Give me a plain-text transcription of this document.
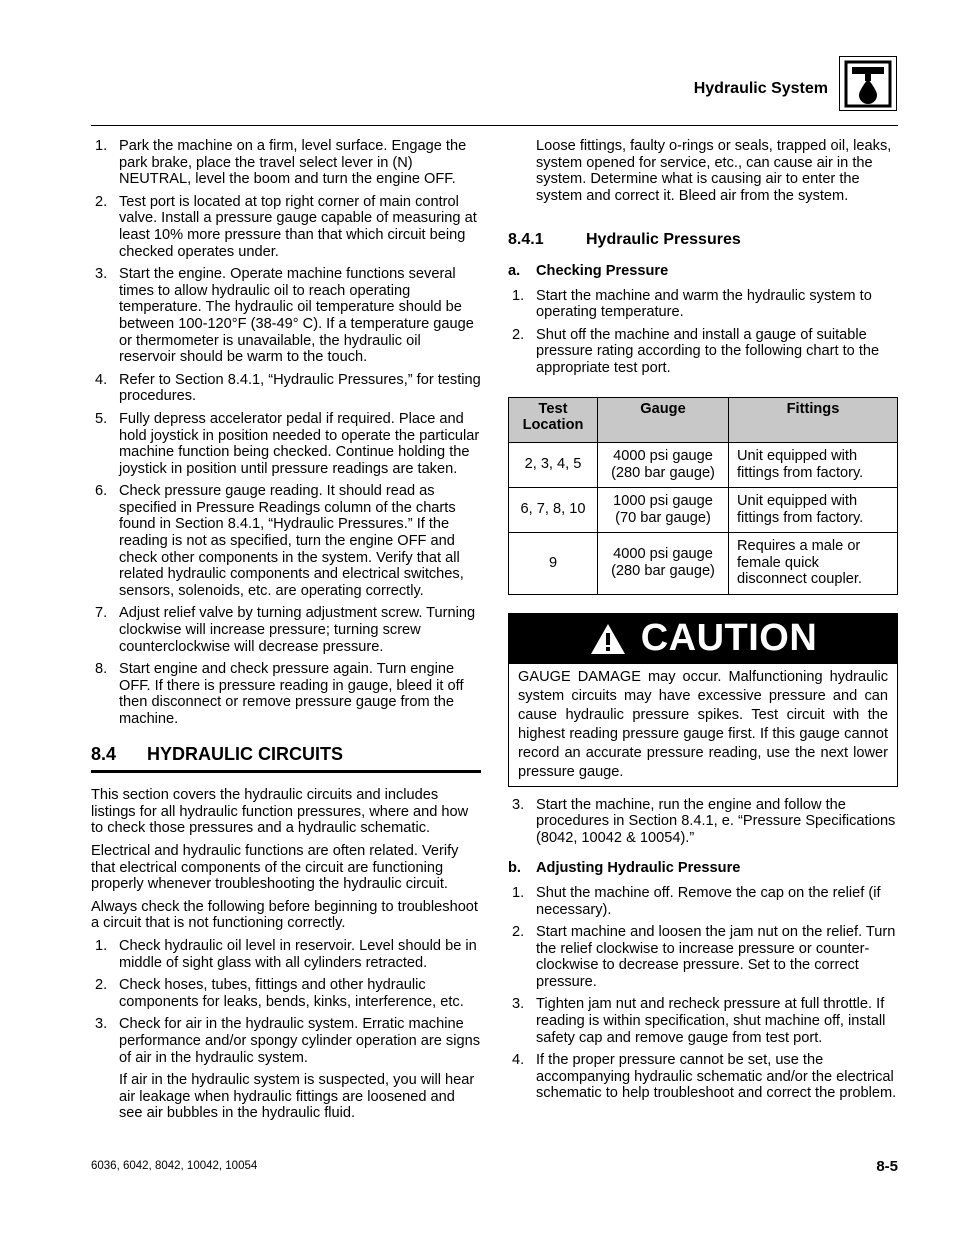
Hydraulic System
1. Park the machine on a firm, level surface. Engage the park brake, place the travel select lever in (N) NEUTRAL, level the boom and turn the engine OFF.
2. Test port is located at top right corner of main control valve. Install a pressure gauge capable of measuring at least 10% more pressure than that which circuit being checked operates under.
3. Start the engine. Operate machine functions several times to allow hydraulic oil to reach operating temperature. The hydraulic oil temperature should be between 100-120°F (38-49° C). If a temperature gauge or thermometer is unavailable, the hydraulic oil reservoir should be warm to the touch.
4. Refer to Section 8.4.1, “Hydraulic Pressures,” for testing procedures.
5. Fully depress accelerator pedal if required. Place and hold joystick in position needed to operate the particular machine function being checked. Continue holding the joystick in position until pressure readings are taken.
6. Check pressure gauge reading. It should read as specified in Pressure Readings column of the charts found in Section 8.4.1, “Hydraulic Pressures.” If the reading is not as specified, turn the engine OFF and check other components in the system. Verify that all related hydraulic components and electrical switches, sensors, solenoids, etc. are operating correctly.
7. Adjust relief valve by turning adjustment screw. Turning clockwise will increase pressure; turning screw counterclockwise will decrease pressure.
8. Start engine and check pressure again. Turn engine OFF. If there is pressure reading in gauge, bleed it off then disconnect or remove pressure gauge from the machine.
8.4	HYDRAULIC CIRCUITS

This section covers the hydraulic circuits and includes listings for all hydraulic function pressures, where and how to check those pressures and a hydraulic schematic.

Electrical and hydraulic functions are often related. Verify that electrical components of the circuit are functioning properly whenever troubleshooting the hydraulic circuit.

Always check the following before beginning to troubleshoot a circuit that is not functioning correctly.

1. Check hydraulic oil level in reservoir. Level should be in middle of sight glass with all cylinders retracted.
2. Check hoses, tubes, fittings and other hydraulic components for leaks, bends, kinks, interference, etc.
3. Check for air in the hydraulic system. Erratic machine performance and/or spongy cylinder operation are signs of air in the hydraulic system.
If air in the hydraulic system is suspected, you will hear air leakage when hydraulic fittings are loosened and see air bubbles in the hydraulic fluid.

Loose fittings, faulty o-rings or seals, trapped oil, leaks, system opened for service, etc., can cause air in the system. Determine what is causing air to enter the system and correct it. Bleed air from the system.

8.4.1	Hydraulic Pressures
a.	Checking Pressure
1. Start the machine and warm the hydraulic system to operating temperature.
2. Shut off the machine and install a gauge of suitable pressure rating according to the following chart to the appropriate test port.
Test Location	Gauge	Fittings
2, 3, 4, 5	4000 psi gauge (280 bar gauge)	Unit equipped with fittings from factory.
6, 7, 8, 10	1000 psi gauge (70 bar gauge)	Unit equipped with fittings from factory.
9	4000 psi gauge (280 bar gauge)	Requires a male or female quick disconnect coupler.
CAUTION
GAUGE DAMAGE may occur. Malfunctioning hydraulic system circuits may have excessive pressure and can cause hydraulic pressure spikes. Test circuit with the highest reading pressure gauge first. If this gauge cannot record an accurate pressure reading, use the next lower pressure gauge.
3. Start the machine, run the engine and follow the procedures in Section 8.4.1, e. “Pressure Specifications (8042, 10042 & 10054).”
b.	Adjusting Hydraulic Pressure
1. Shut the machine off. Remove the cap on the relief (if necessary).
2. Start machine and loosen the jam nut on the relief. Turn the relief clockwise to increase pressure or counter-clockwise to decrease pressure. Set to the correct pressure.
3. Tighten jam nut and recheck pressure at full throttle. If reading is within specification, shut machine off, install safety cap and remove gauge from test port.
4. If the proper pressure cannot be set, use the accompanying hydraulic schematic and/or the electrical schematic to help troubleshoot and correct the problem.
6036, 6042, 8042, 10042, 10054	8-5
